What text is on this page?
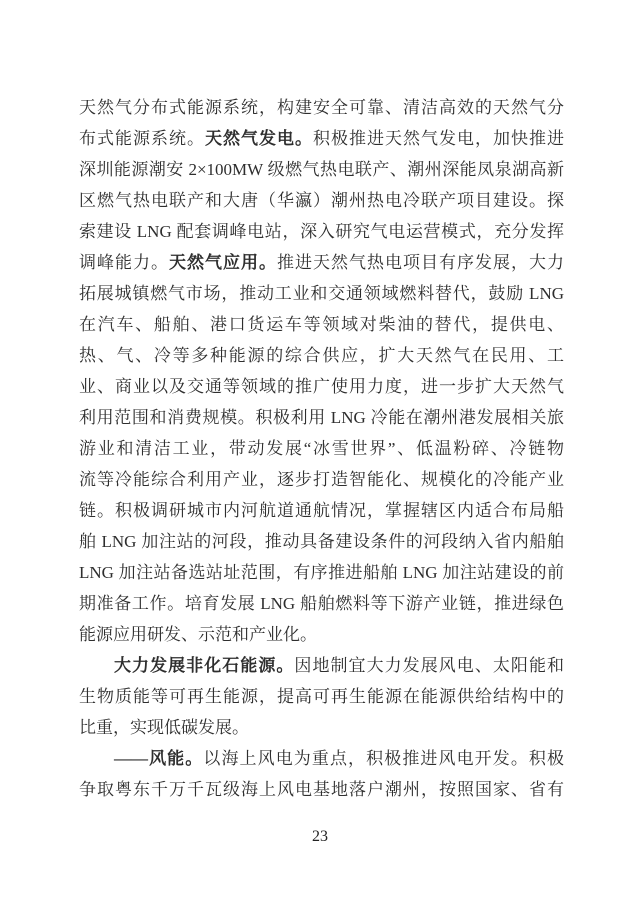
天然气分布式能源系统，构建安全可靠、清洁高效的天然气分
布式能源系统。天然气发电。积极推进天然气发电，加快推进
深圳能源潮安 2×100MW 级燃气热电联产、潮州深能凤泉湖高新
区燃气热电联产和大唐（华瀛）潮州热电冷联产项目建设。探
索建设 LNG 配套调峰电站，深入研究气电运营模式，充分发挥
调峰能力。天然气应用。推进天然气热电项目有序发展，大力
拓展城镇燃气市场，推动工业和交通领域燃料替代，鼓励 LNG
在汽车、船舶、港口货运车等领域对柴油的替代，提供电、
热、气、冷等多种能源的综合供应，扩大天然气在民用、工
业、商业以及交通等领域的推广使用力度，进一步扩大天然气
利用范围和消费规模。积极利用 LNG 冷能在潮州港发展相关旅
游业和清洁工业，带动发展“冰雪世界”、低温粉碎、冷链物
流等冷能综合利用产业，逐步打造智能化、规模化的冷能产业
链。积极调研城市内河航道通航情况，掌握辖区内适合布局船
舶 LNG 加注站的河段，推动具备建设条件的河段纳入省内船舶
LNG 加注站备选站址范围，有序推进船舶 LNG 加注站建设的前
期准备工作。培育发展 LNG 船舶燃料等下游产业链，推进绿色
能源应用研发、示范和产业化。
大力发展非化石能源。因地制宜大力发展风电、太阳能和
生物质能等可再生能源，提高可再生能源在能源供给结构中的
比重，实现低碳发展。
——风能。以海上风电为重点，积极推进风电开发。积极
争取粤东千万千瓦级海上风电基地落户潮州，按照国家、省有
23
